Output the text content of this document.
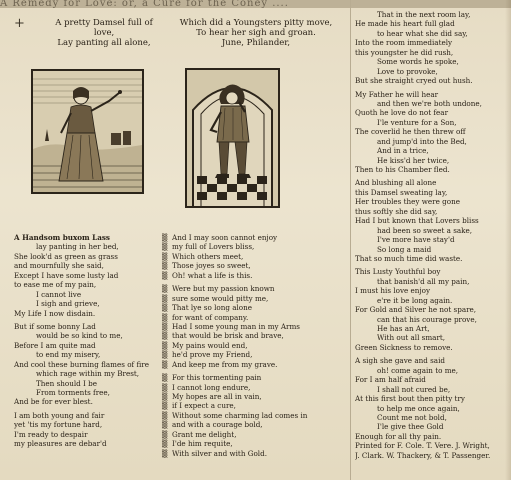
A Remedy for Love: or, a Cure for the Coney ....
+	A pretty Damsel full of love,
Lay panting all alone,
Which did a Youngsters pitty move,
To hear her sigh and groan.
June, Philander,
A Handsom buxom Lass
lay panting in her bed,
She look'd as green as grass
and mournfully she said,
Except I have some lusty lad
to ease me of my pain,
I cannot live
I sigh and grieve,
My Life I now disdain.
But if some bonny Lad
would be so kind to me,
Before I am quite mad
to end my misery,
And cool these burning flames of fire
which rage within my Brest,
Then should I be
From torments free,
And be for ever blest.
I am both young and fair
yet 'tis my fortune hard,
I'm ready to despair
my pleasures are debar'd
▒ And I may soon cannot enjoy
▒ my full of Lovers bliss,
▒ Which others meet,
▒ Those joyes so sweet,
▒ Oh! what a life is this.
▒ Were but my passion known
▒ sure some would pitty me,
▒ That lye so long alone
▒ for want of company.
▒ Had I some young man in my Arms
▒ that would be brisk and brave,
▒ My pains would end,
▒ he'd prove my Friend,
▒ And keep me from my grave.
▒ For this tormenting pain
▒ I cannot long endure,
▒ My hopes are all in vain,
▒ if I expect a cure,
▒ Without some charming lad comes in
▒ and with a courage bold,
▒ Grant me delight,
▒ I'de him requite,
▒ With silver and with Gold.
That in the next room lay,
He made his heart full glad
to hear what she did say,
Into the room immediately
this youngster he did rush,
Some words he spoke,
Love to provoke,
But she straight cryed out hush.
My Father he will hear
and then we're both undone,
Quoth he love do not fear
I'le venture for a Son,
The coverlid he then threw off
and jump'd into the Bed,
And in a trice,
He kiss'd her twice,
Then to his Chamber fled.
And blushing all alone
this Damsel sweating lay,
Her troubles they were gone
thus softly she did say,
Had I but known that Lovers bliss
had been so sweet a sake,
I've more have stay'd
So long a maid
That so much time did waste.
This Lusty Youthful boy
that banish'd all my pain,
I must his love enjoy
e're it be long again.
For Gold and Silver he not spare,
can that his courage prove,
He has an Art,
With out all smart,
Green Sickness to remove.
A sigh she gave and said
oh! come again to me,
For I am half afraid
I shall not cured be,
At this first bout then pitty try
to help me once again,
Count me not bold,
I'le give thee Gold
Enough for all thy pain.
Printed for F. Cole. T. Vere. J. Wright,
J. Clark. W. Thackery, & T. Passenger.
